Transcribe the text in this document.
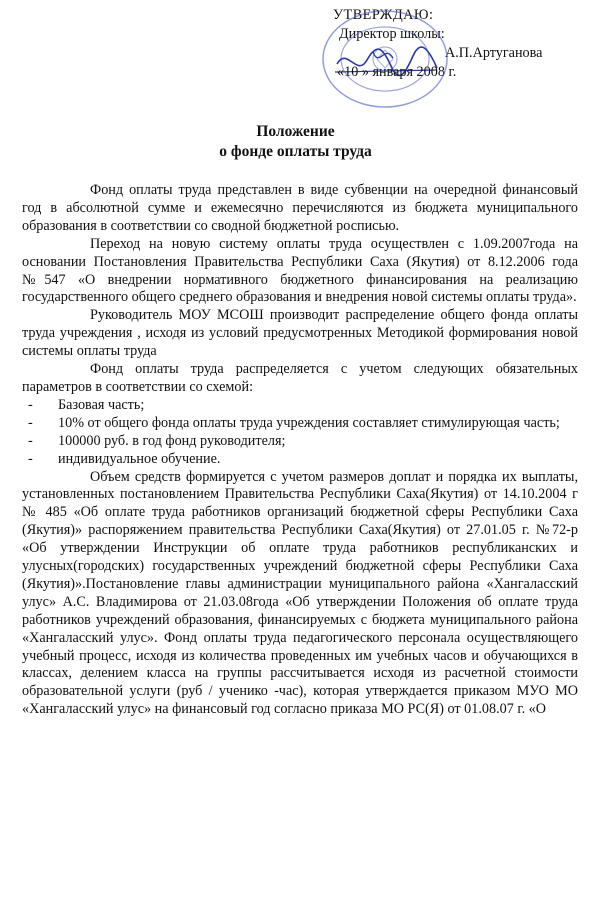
УТВЕРЖДАЮ:
Директор школы:
А.П.Артуганова
«10 » января 2008 г.
Положение
о фонде оплаты труда

Фонд оплаты труда представлен в виде субвенции на очередной финансовый год в абсолютной сумме и ежемесячно перечисляются из бюджета муниципального образования в соответствии со сводной бюджетной росписью.

Переход на новую систему оплаты труда осуществлен с 1.09.2007года на основании Постановления Правительства Республики Саха (Якутия) от 8.12.2006 года №547 «О внедрении нормативного бюджетного финансирования на реализацию государственного общего среднего образования и внедрения новой системы оплаты труда».

Руководитель МОУ МСОШ производит распределение общего фонда оплаты труда учреждения , исходя из условий предусмотренных Методикой формирования новой системы оплаты труда

Фонд оплаты труда распределяется с учетом следующих обязательных параметров в соответствии со схемой:

- Базовая часть;
- 10% от общего фонда оплаты труда учреждения составляет стимулирующая часть;
- 100000 руб. в год фонд руководителя;
- индивидуальное обучение.

Объем средств формируется с учетом размеров доплат и порядка их выплаты, установленных постановлением Правительства Республики Саха(Якутия) от 14.10.2004 г № 485 «Об оплате труда работников организаций бюджетной сферы Республики Саха (Якутия)» распоряжением правительства Республики Саха(Якутия) от 27.01.05 г. №72-р «Об утверждении Инструкции об оплате труда работников республиканских и улусных(городских) государственных учреждений бюджетной сферы Республики Саха (Якутия)».Постановление главы администрации муниципального района «Хангаласский улус» А.С. Владимирова от 21.03.08года «Об утверждении Положения об оплате труда работников учреждений образования, финансируемых с бюджета муниципального района «Хангаласский улус». Фонд оплаты труда педагогического персонала осуществляющего учебный процесс, исходя из количества проведенных им учебных часов и обучающихся в классах, делением класса на группы рассчитывается исходя из расчетной стоимости образовательной услуги (руб / ученико -час), которая утверждается приказом МУО МО «Хангаласский улус» на финансовый год согласно приказа МО РС(Я) от 01.08.07 г. «О
